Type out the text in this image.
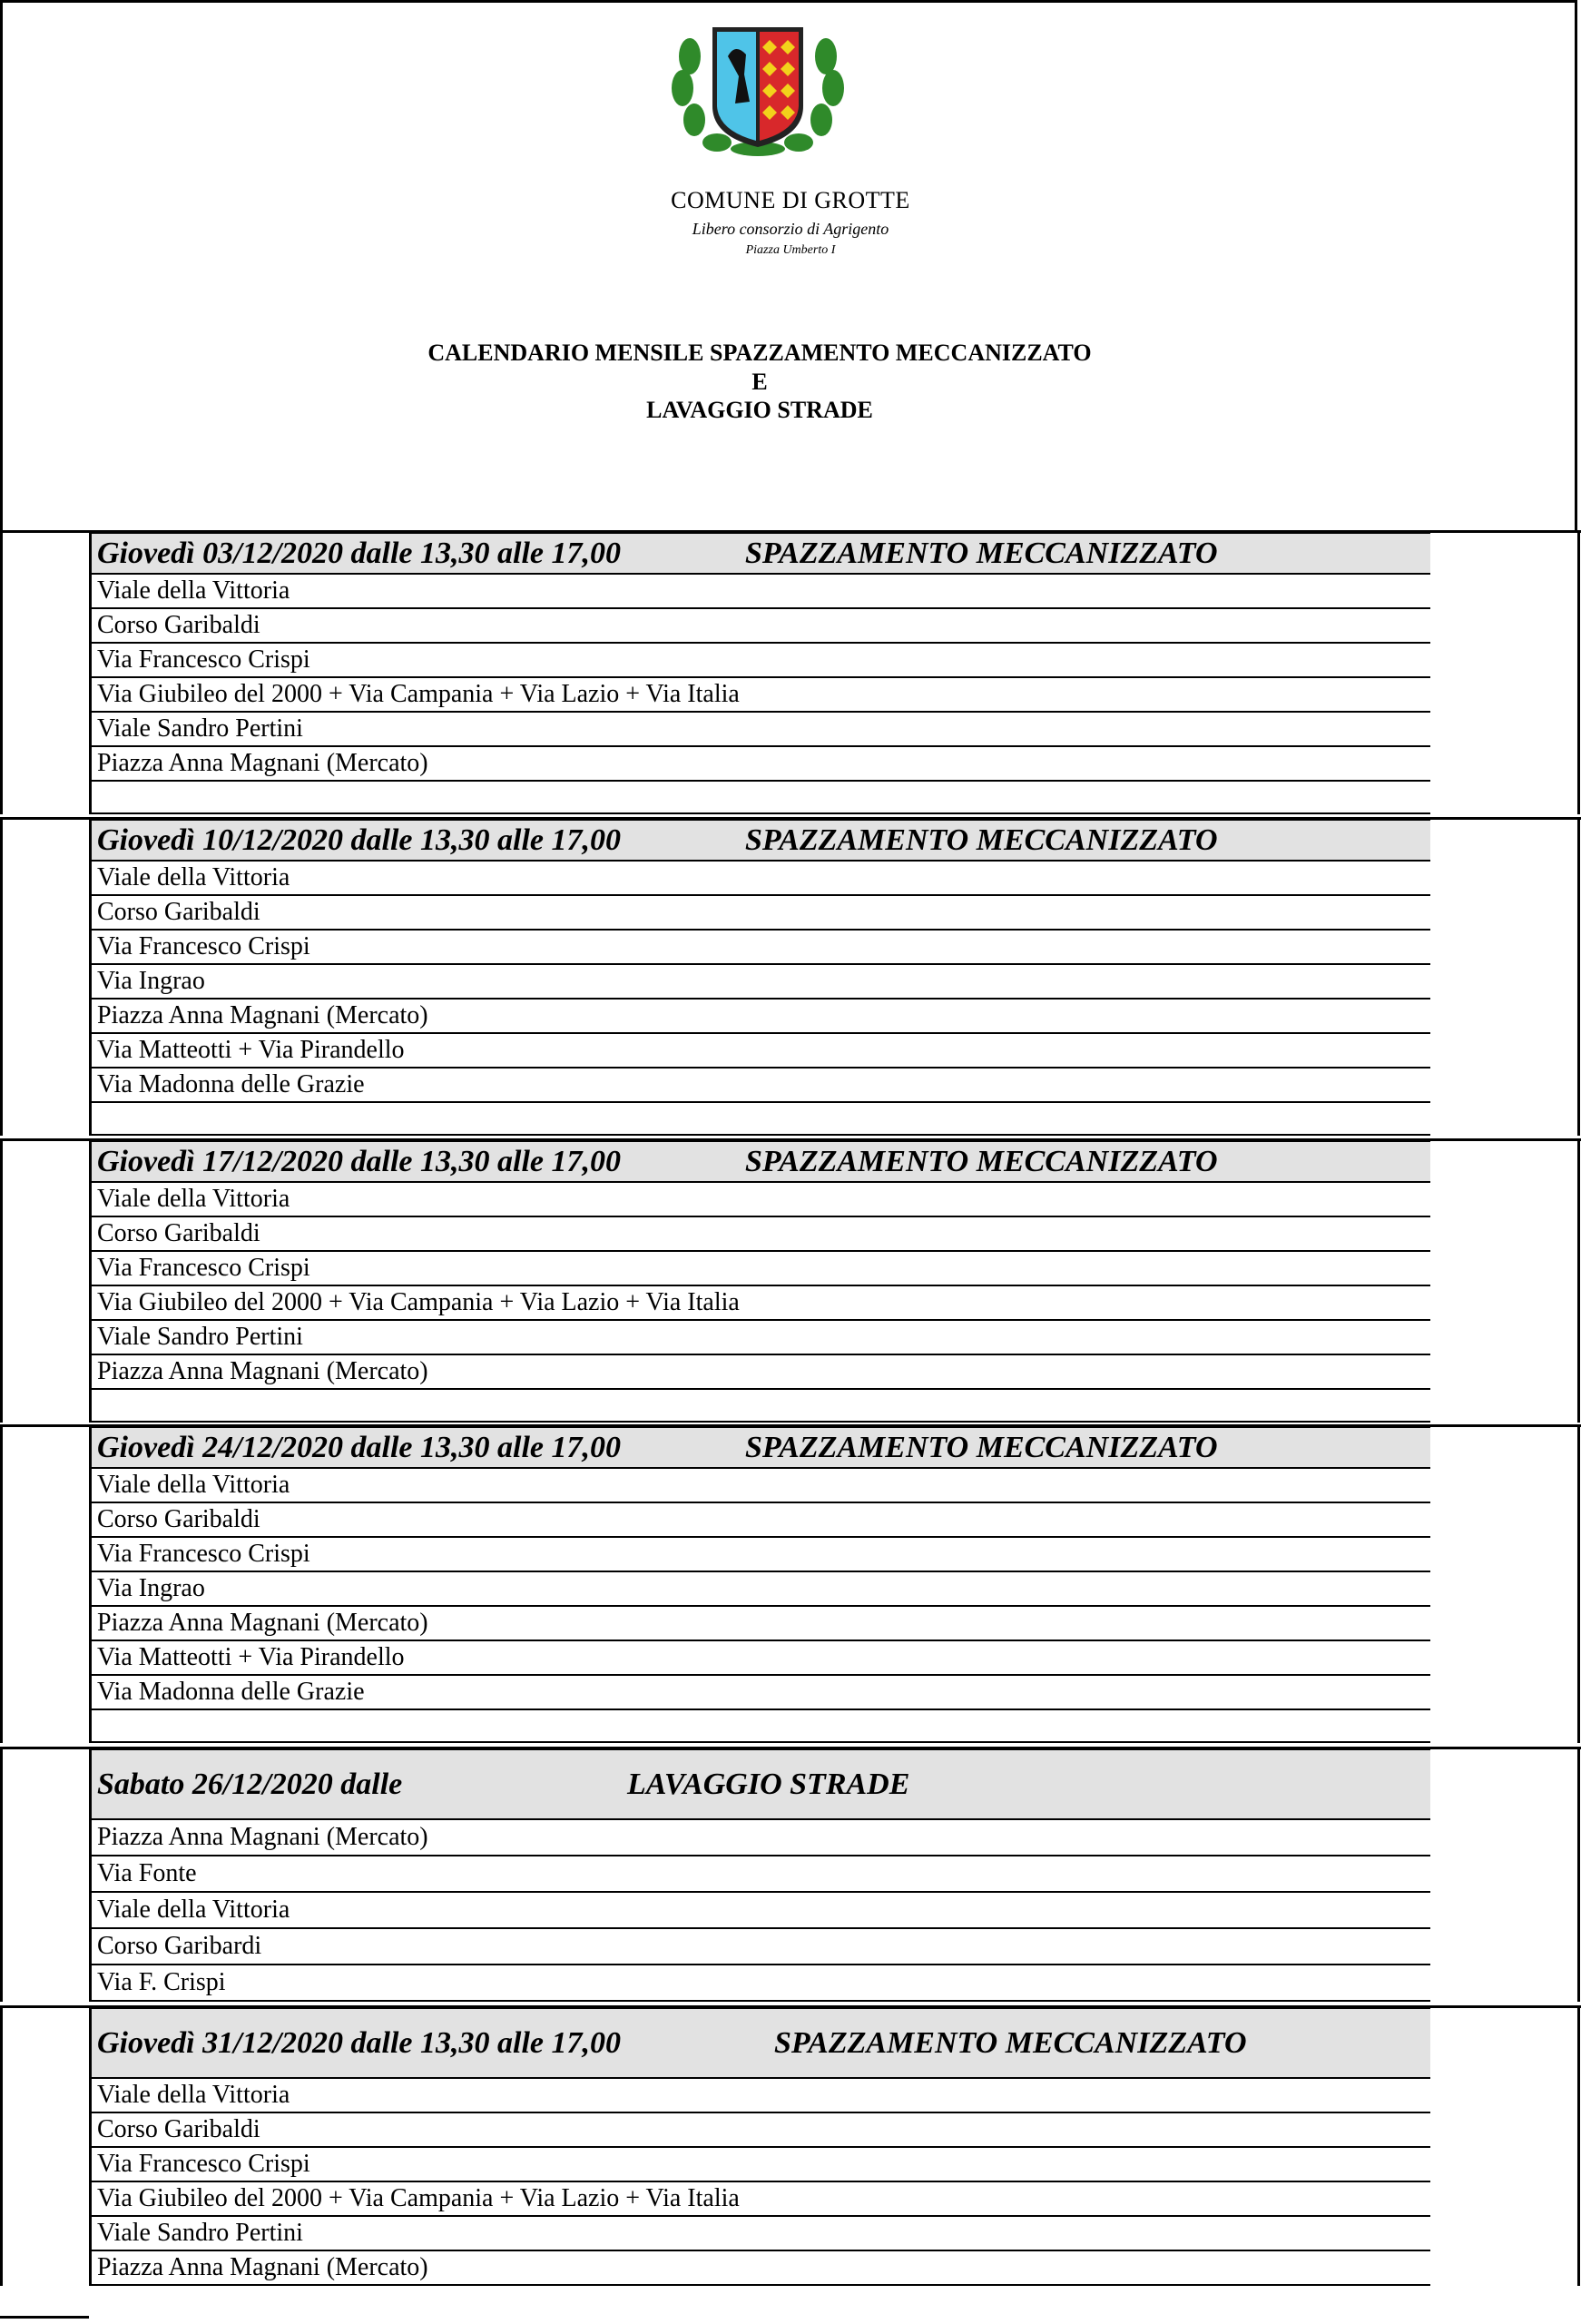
COMUNE DI GROTTE
Libero consorzio di Agrigento
Piazza Umberto I
CALENDARIO MENSILE SPAZZAMENTO MECCANIZZATO
E
LAVAGGIO STRADE
Giovedì 03/12/2020 dalle 13,30 alle 17,00	SPAZZAMENTO MECCANIZZATO
Viale della Vittoria
Corso Garibaldi
Via Francesco Crispi
Via Giubileo del 2000 + Via Campania + Via Lazio + Via Italia
Viale Sandro Pertini
Piazza Anna Magnani (Mercato)
Giovedì 10/12/2020 dalle 13,30 alle 17,00	SPAZZAMENTO MECCANIZZATO
Viale della Vittoria
Corso Garibaldi
Via Francesco Crispi
Via Ingrao
Piazza Anna Magnani (Mercato)
Via Matteotti + Via Pirandello
Via Madonna delle Grazie
Giovedì 17/12/2020 dalle 13,30 alle 17,00	SPAZZAMENTO MECCANIZZATO
Viale della Vittoria
Corso Garibaldi
Via Francesco Crispi
Via Giubileo del 2000 + Via Campania + Via Lazio + Via Italia
Viale Sandro Pertini
Piazza Anna Magnani (Mercato)
Giovedì 24/12/2020 dalle 13,30 alle 17,00	SPAZZAMENTO MECCANIZZATO
Viale della Vittoria
Corso Garibaldi
Via Francesco Crispi
Via Ingrao
Piazza Anna Magnani (Mercato)
Via Matteotti + Via Pirandello
Via Madonna delle Grazie
Sabato 26/12/2020 dalle	LAVAGGIO STRADE
Piazza Anna Magnani (Mercato)
Via Fonte
Viale della Vittoria
Corso Garibardi
Via F. Crispi
Giovedì 31/12/2020 dalle 13,30 alle 17,00	SPAZZAMENTO MECCANIZZATO
Viale della Vittoria
Corso Garibaldi
Via Francesco Crispi
Via Giubileo del 2000 + Via Campania + Via Lazio + Via Italia
Viale Sandro Pertini
Piazza Anna Magnani (Mercato)
